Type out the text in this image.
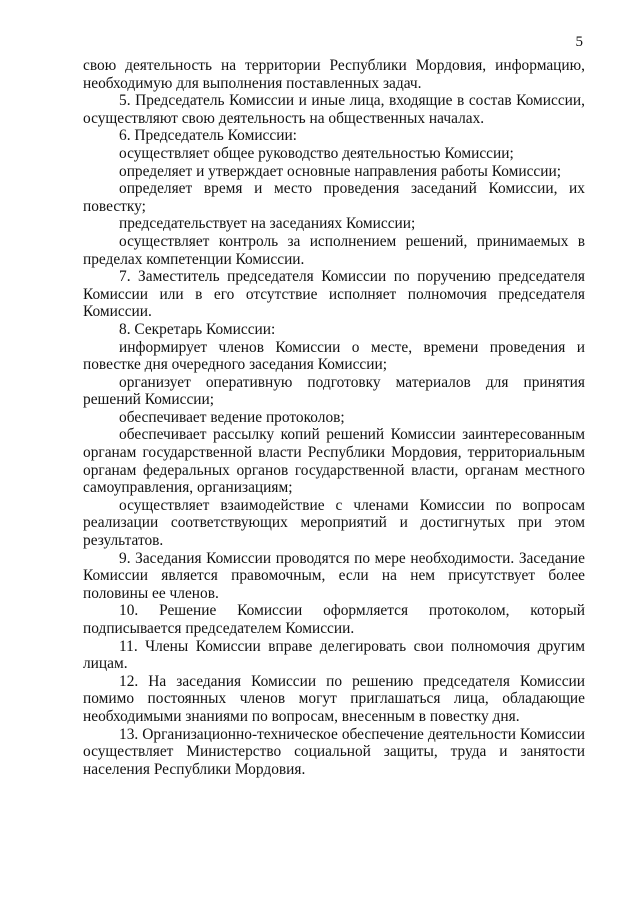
5

свою деятельность на территории Республики Мордовия, информацию, необходимую для выполнения поставленных задач.

5. Председатель Комиссии и иные лица, входящие в состав Комиссии, осуществляют свою деятельность на общественных началах.

6. Председатель Комиссии:

осуществляет общее руководство деятельностью Комиссии;

определяет и утверждает основные направления работы Комиссии;

определяет время и место проведения заседаний Комиссии, их повестку;

председательствует на заседаниях Комиссии;

осуществляет контроль за исполнением решений, принимаемых в пределах компетенции Комиссии.

7. Заместитель председателя Комиссии по поручению председателя Комиссии или в его отсутствие исполняет полномочия председателя Комиссии.

8. Секретарь Комиссии:

информирует членов Комиссии о месте, времени проведения и повестке дня очередного заседания Комиссии;

организует оперативную подготовку материалов для принятия решений Комиссии;

обеспечивает ведение протоколов;

обеспечивает рассылку копий решений Комиссии заинтересованным органам государственной власти Республики Мордовия, территориальным органам федеральных органов государственной власти, органам местного самоуправления, организациям;

осуществляет взаимодействие с членами Комиссии по вопросам реализации соответствующих мероприятий и достигнутых при этом результатов.

9. Заседания Комиссии проводятся по мере необходимости. Заседание Комиссии является правомочным, если на нем присутствует более половины ее членов.

10. Решение Комиссии оформляется протоколом, который подписывается председателем Комиссии.

11. Члены Комиссии вправе делегировать свои полномочия другим лицам.

12. На заседания Комиссии по решению председателя Комиссии помимо постоянных членов могут приглашаться лица, обладающие необходимыми знаниями по вопросам, внесенным в повестку дня.

13. Организационно-техническое обеспечение деятельности Комиссии осуществляет Министерство социальной защиты, труда и занятости населения Республики Мордовия.
